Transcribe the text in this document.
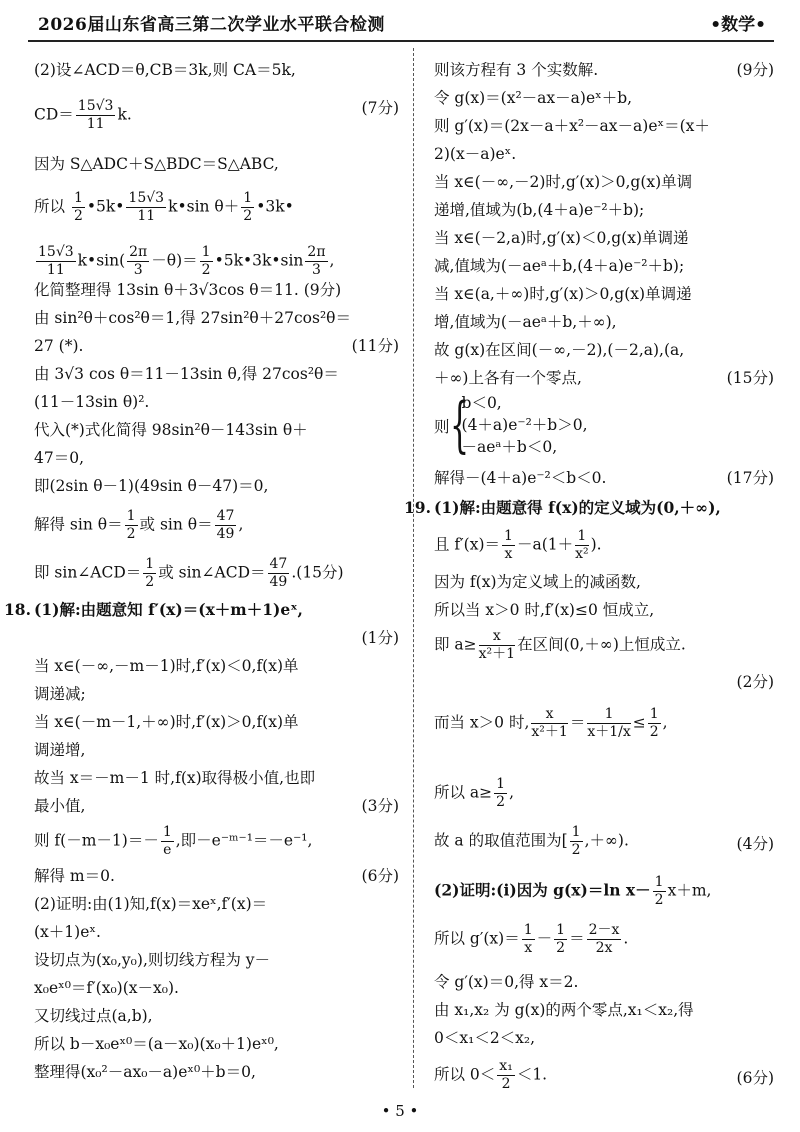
2026届山东省高三第二次学业水平联合检测	•数学•
(2)设∠ACD＝θ,CB＝3k,则 CA＝5k,
$CD= \frac{15√3}{11} k$.	(7分)
因为 S△ADC＋S△BDC＝S△ABC,
所以 $\frac{1}{2}$ •5k• $\frac{15√3}{11}$ k•sin $\theta+ \frac{1}{2}$ •3k•
$\frac{15√3}{11}$ k•sin( $\frac{2\pi}{3} -\theta)= \frac{1}{2}$ •5k•3k•sin $\frac{2\pi}{3}$ ,
化简整理得 13sin θ＋3√3cos θ＝11. (9分)
由 sin²θ＋cos²θ＝1,得 27sin²θ＋27cos²θ＝
27 (*).	(11分)
由 3√3 cos θ＝11－13sin θ,得 27cos²θ＝
(11－13sin θ)².
代入(*)式化简得 98sin²θ－143sin θ＋
47＝0,
即(2sin θ－1)(49sin θ－47)＝0,
解得 $\sin \theta= \frac{1}{2}$ 或 $\sin \theta= \frac{47}{49}$ ,
即 sin∠ACD＝ $\frac{1}{2}$ 或 sin∠ACD＝ $\frac{47}{49} .(15$分)
18. (1)解:由题意知 f′(x)＝(x＋m＋1)eˣ,
(1分)
当 x∈(－∞,－m－1)时,f′(x)＜0,f(x)单
调递减;
当 x∈(－m－1,＋∞)时,f′(x)＞0,f(x)单
调递增,
故当 x＝－m－1 时,f(x)取得极小值,也即
最小值,	(3分)
则 $f(-m-1)=- \frac{1}{e}$ ,即－e⁻ᵐ⁻¹＝－e⁻¹,
解得 m＝0.	(6分)
(2)证明:由(1)知,f(x)＝xeˣ,f′(x)＝
(x＋1)eˣ.
设切点为(x₀,y₀),则切线方程为 y－
x₀eˣ⁰＝f′(x₀)(x－x₀).
又切线过点(a,b),
所以 b－x₀eˣ⁰＝(a－x₀)(x₀＋1)eˣ⁰,
整理得(x₀²－ax₀－a)eˣ⁰＋b＝0,
则该方程有 3 个实数解.	(9分)
令 g(x)＝(x²－ax－a)eˣ＋b,
则 g′(x)＝(2x－a＋x²－ax－a)eˣ＝(x＋
2)(x－a)eˣ.
当 x∈(－∞,－2)时,g′(x)＞0,g(x)单调
递增,值域为(b,(4＋a)e⁻²＋b);
当 x∈(－2,a)时,g′(x)＜0,g(x)单调递
减,值域为(－aeᵃ＋b,(4＋a)e⁻²＋b);
当 x∈(a,＋∞)时,g′(x)＞0,g(x)单调递
增,值域为(－aeᵃ＋b,＋∞),
故 g(x)在区间(－∞,－2),(－2,a),(a,
＋∞)上各有一个零点,	(15分)
则 {
b＜0,
(4＋a)e⁻²＋b＞0,
－aeᵃ＋b＜0,
解得－(4＋a)e⁻²＜b＜0.	(17分)
19. (1)解:由题意得 f(x)的定义域为(0,＋∞),
且 $f'(x)= \frac{1}{x} -a(1+ \frac{1}{\text{x²}}$ ).
因为 f(x)为定义域上的减函数,
所以当 x＞0 时,f′(x)≤0 恒成立,
即 $a\ge \frac{x}{\text{x²＋1}}$ 在区间(0,＋∞)上恒成立.
(2分)
而当 x＞0 时, $\frac{x}{\text{x²＋1}} = \frac{1}{x+1/x} \le \frac{1}{2}$ ,
所以 $a\ge \frac{1}{2}$ ,
故 a 的取值范围为[ $\frac{1}{2}$ ,＋∞).	(4分)
(2)证明:(ⅰ)因为 g(x)＝ln $x- \frac{1}{2} x+m$,
所以 $g'(x)= \frac{1}{x} - \frac{1}{2} = \frac{2-x}{2x}$ .
令 g′(x)＝0,得 x＝2.
由 x₁,x₂ 为 g(x)的两个零点,x₁＜x₂,得
0＜x₁＜2＜x₂,
所以 $0< \frac{\text{x₁}}{2} <1$.	(6分)
• 5 •
